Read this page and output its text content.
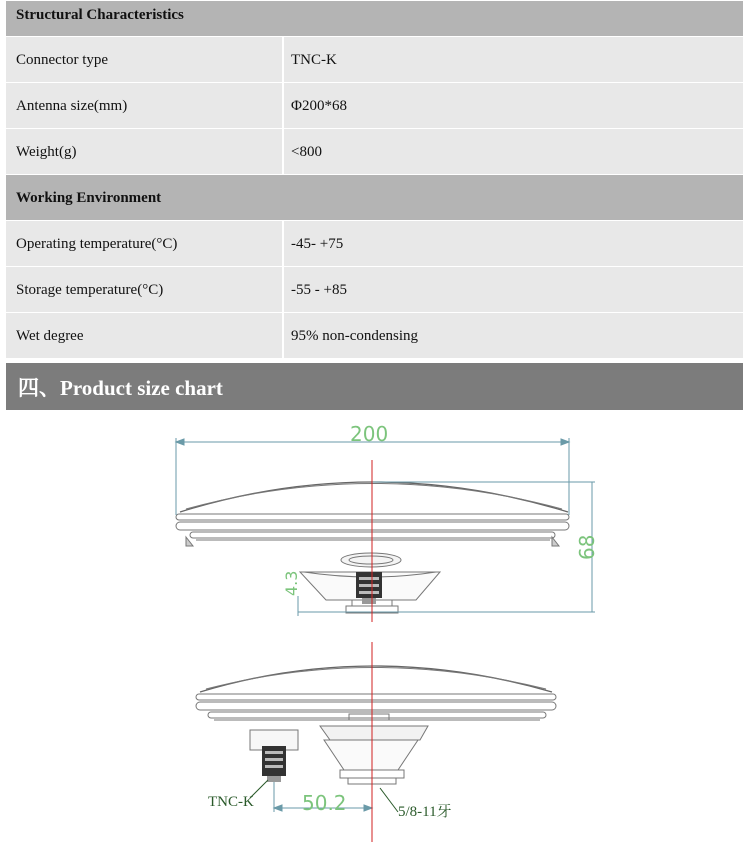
Structural Characteristics
Connector type	TNC-K
Antenna size(mm)	Φ200*68
Weight(g)	<800
Working Environment
Operating temperature(°C)	-45- +75
Storage temperature(°C)	-55 - +85
Wet degree	95% non-condensing
四、Product size chart
200
68
4.3
50.2
TNC-K
5/8-11牙
